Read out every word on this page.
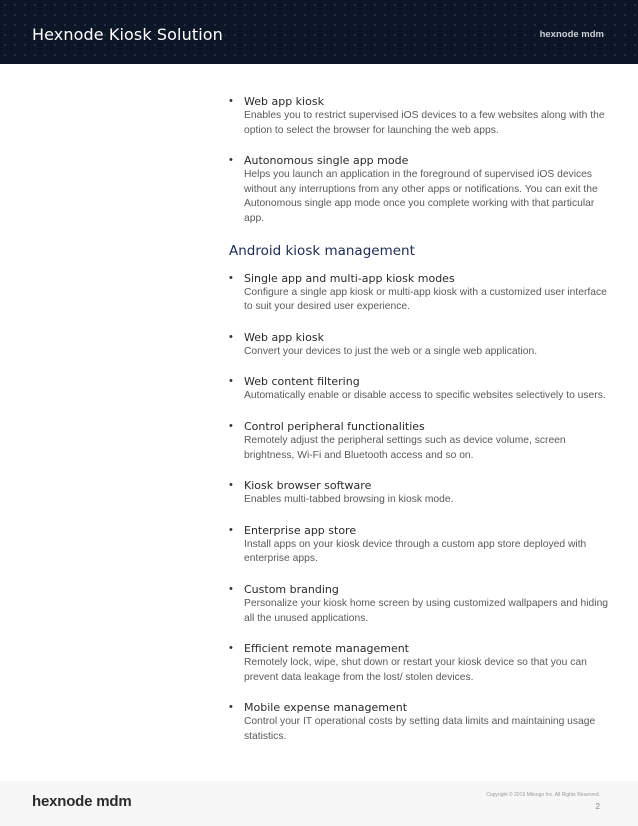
Hexnode Kiosk Solution	hexnode mdm
• Web app kiosk
Enables you to restrict supervised iOS devices to a few websites along with the option to select the browser for launching the web apps.
• Autonomous single app mode
Helps you launch an application in the foreground of supervised iOS devices without any interruptions from any other apps or notifications. You can exit the Autonomous single app mode once you complete working with that particular app.
Android kiosk management
• Single app and multi-app kiosk modes
Configure a single app kiosk or multi-app kiosk with a customized user interface to suit your desired user experience.
• Web app kiosk
Convert your devices to just the web or a single web application.
• Web content filtering
Automatically enable or disable access to specific websites selectively to users.
• Control peripheral functionalities
Remotely adjust the peripheral settings such as device volume, screen brightness, Wi-Fi and Bluetooth access and so on.
• Kiosk browser software
Enables multi-tabbed browsing in kiosk mode.
• Enterprise app store
Install apps on your kiosk device through a custom app store deployed with enterprise apps.
• Custom branding
Personalize your kiosk home screen by using customized wallpapers and hiding all the unused applications.
• Efficient remote management
Remotely lock, wipe, shut down or restart your kiosk device so that you can prevent data leakage from the lost/ stolen devices.
• Mobile expense management
Control your IT operational costs by setting data limits and maintaining usage statistics.
hexnode mdm	Copyright © 2019 Mitsogo Inc. All Rights Reserved.
2
